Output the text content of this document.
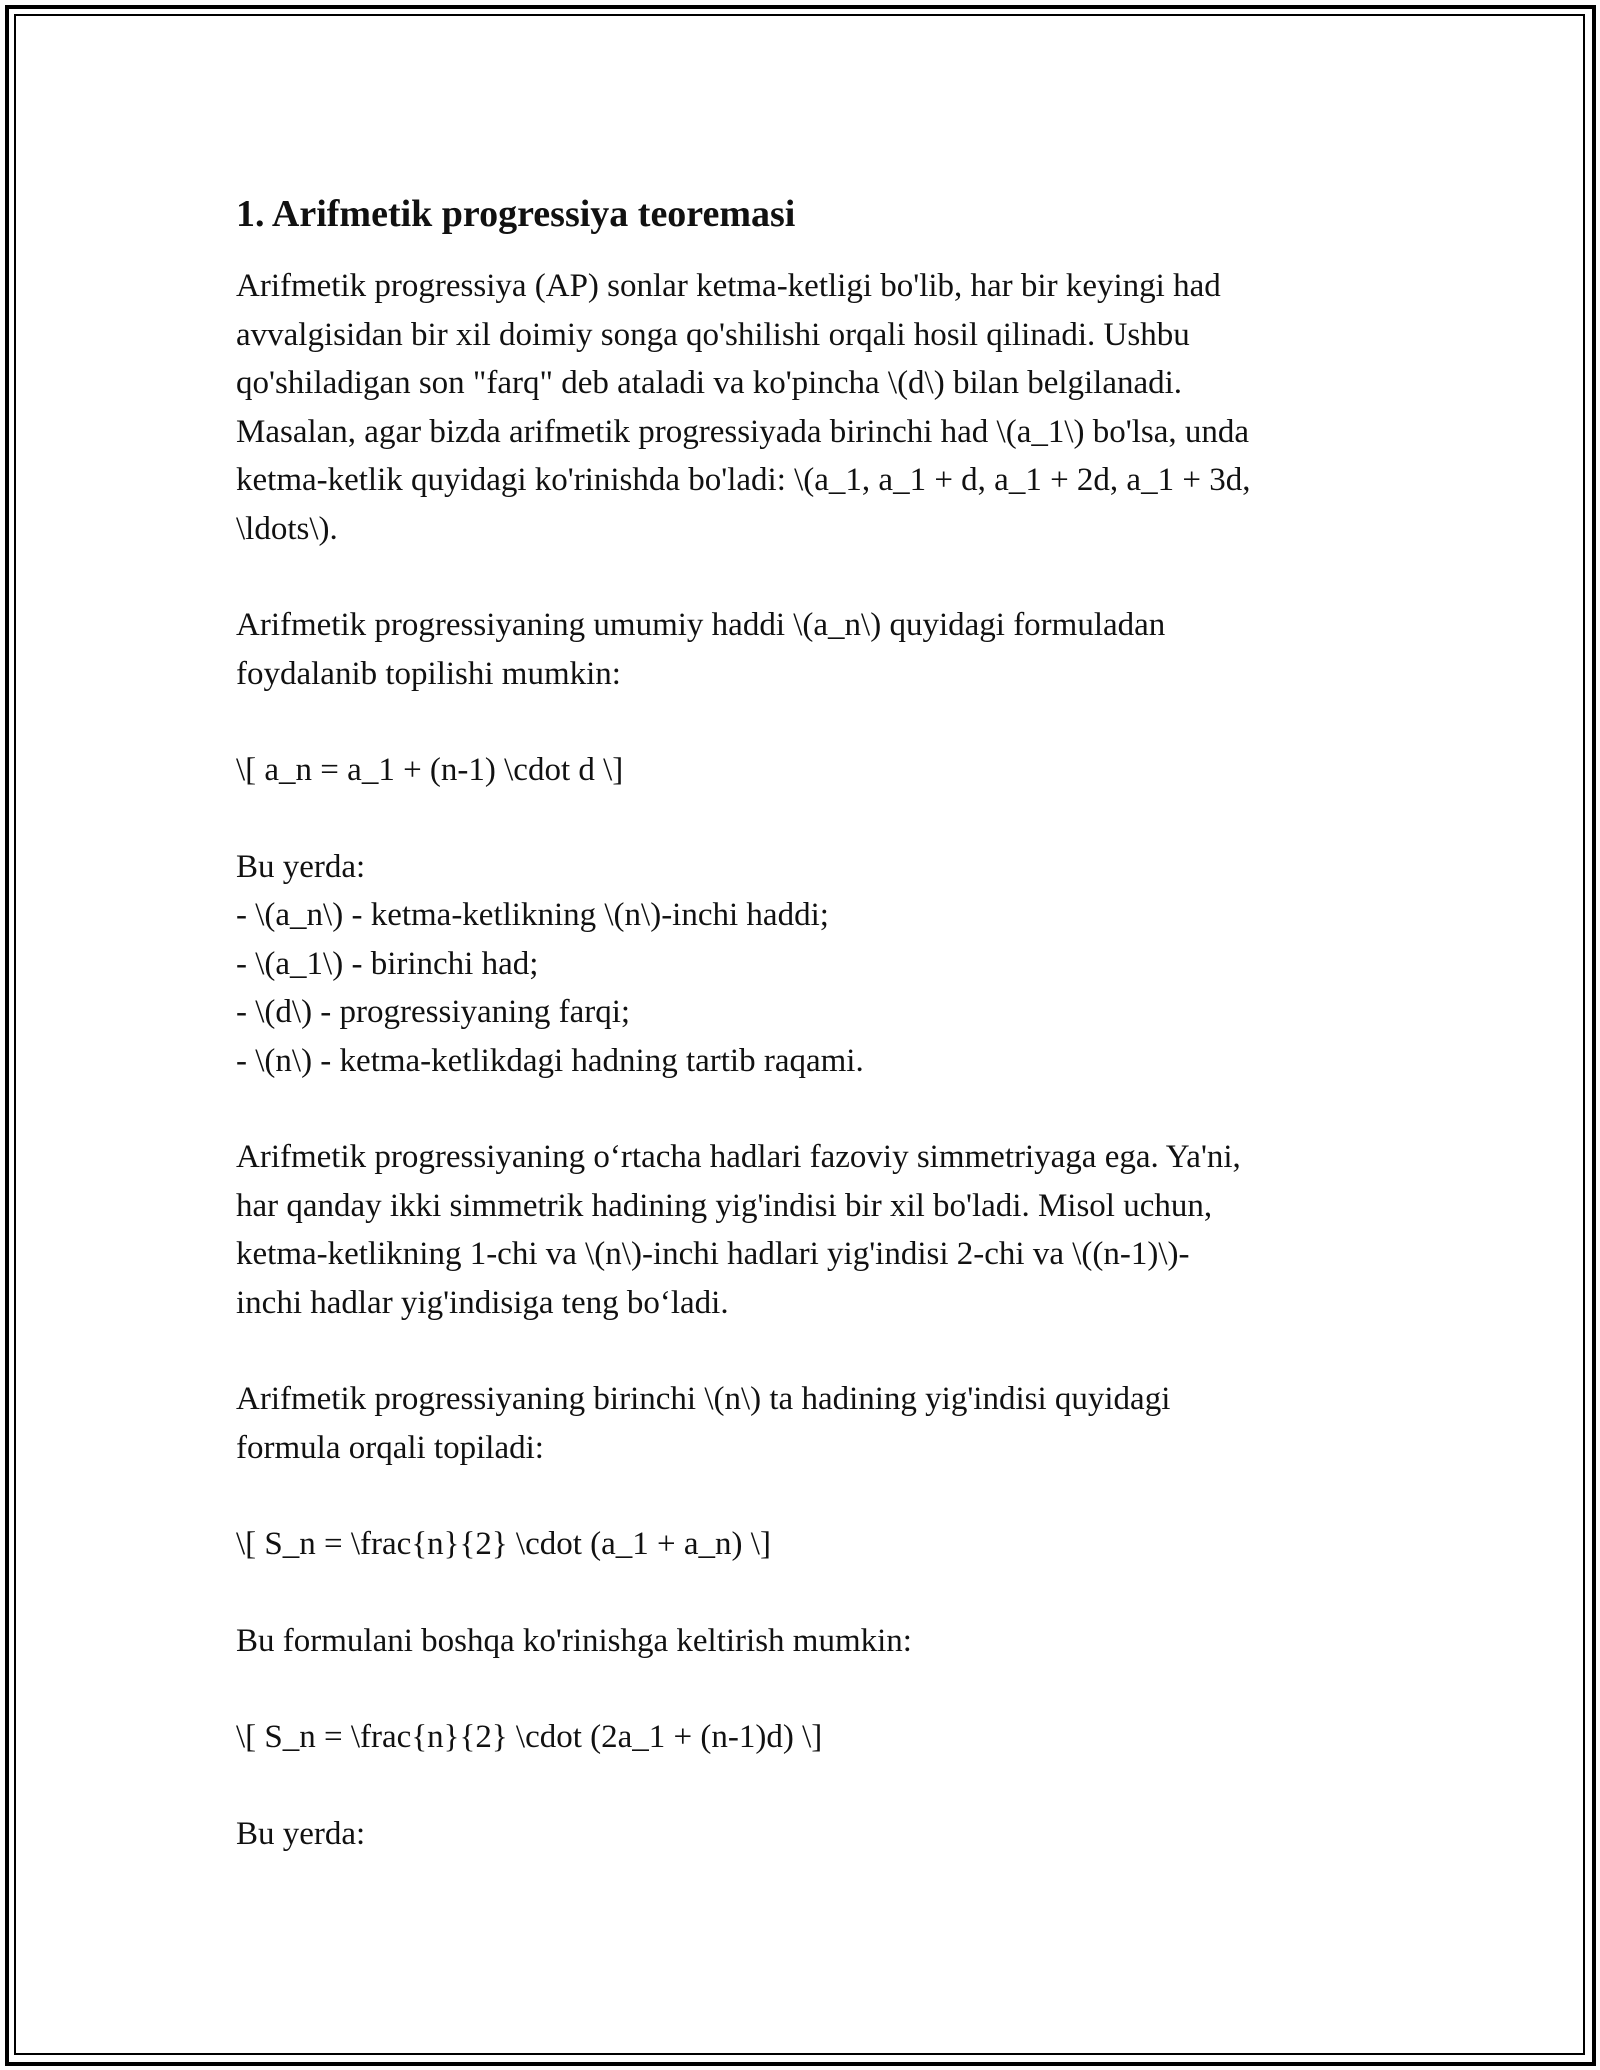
1. Arifmetik progressiya teoremasi

Arifmetik progressiya (AP) sonlar ketma-ketligi bo'lib, har bir keyingi had
avvalgisidan bir xil doimiy songa qo'shilishi orqali hosil qilinadi. Ushbu
qo'shiladigan son "farq" deb ataladi va ko'pincha \(d\) bilan belgilanadi.
Masalan, agar bizda arifmetik progressiyada birinchi had \(a_1\) bo'lsa, unda
ketma-ketlik quyidagi ko'rinishda bo'ladi: \(a_1, a_1 + d, a_1 + 2d, a_1 + 3d,
\ldots\).

Arifmetik progressiyaning umumiy haddi \(a_n\) quyidagi formuladan
foydalanib topilishi mumkin:

\[ a_n = a_1 + (n-1) \cdot d \]

Bu yerda:
- \(a_n\) - ketma-ketlikning \(n\)-inchi haddi;
- \(a_1\) - birinchi had;
- \(d\) - progressiyaning farqi;
- \(n\) - ketma-ketlikdagi hadning tartib raqami.

Arifmetik progressiyaning o‘rtacha hadlari fazoviy simmetriyaga ega. Ya'ni,
har qanday ikki simmetrik hadining yig'indisi bir xil bo'ladi. Misol uchun,
ketma-ketlikning 1-chi va \(n\)-inchi hadlari yig'indisi 2-chi va \((n-1)\)-
inchi hadlar yig'indisiga teng bo‘ladi.

Arifmetik progressiyaning birinchi \(n\) ta hadining yig'indisi quyidagi
formula orqali topiladi:

\[ S_n = \frac{n}{2} \cdot (a_1 + a_n) \]

Bu formulani boshqa ko'rinishga keltirish mumkin:

\[ S_n = \frac{n}{2} \cdot (2a_1 + (n-1)d) \]

Bu yerda:
